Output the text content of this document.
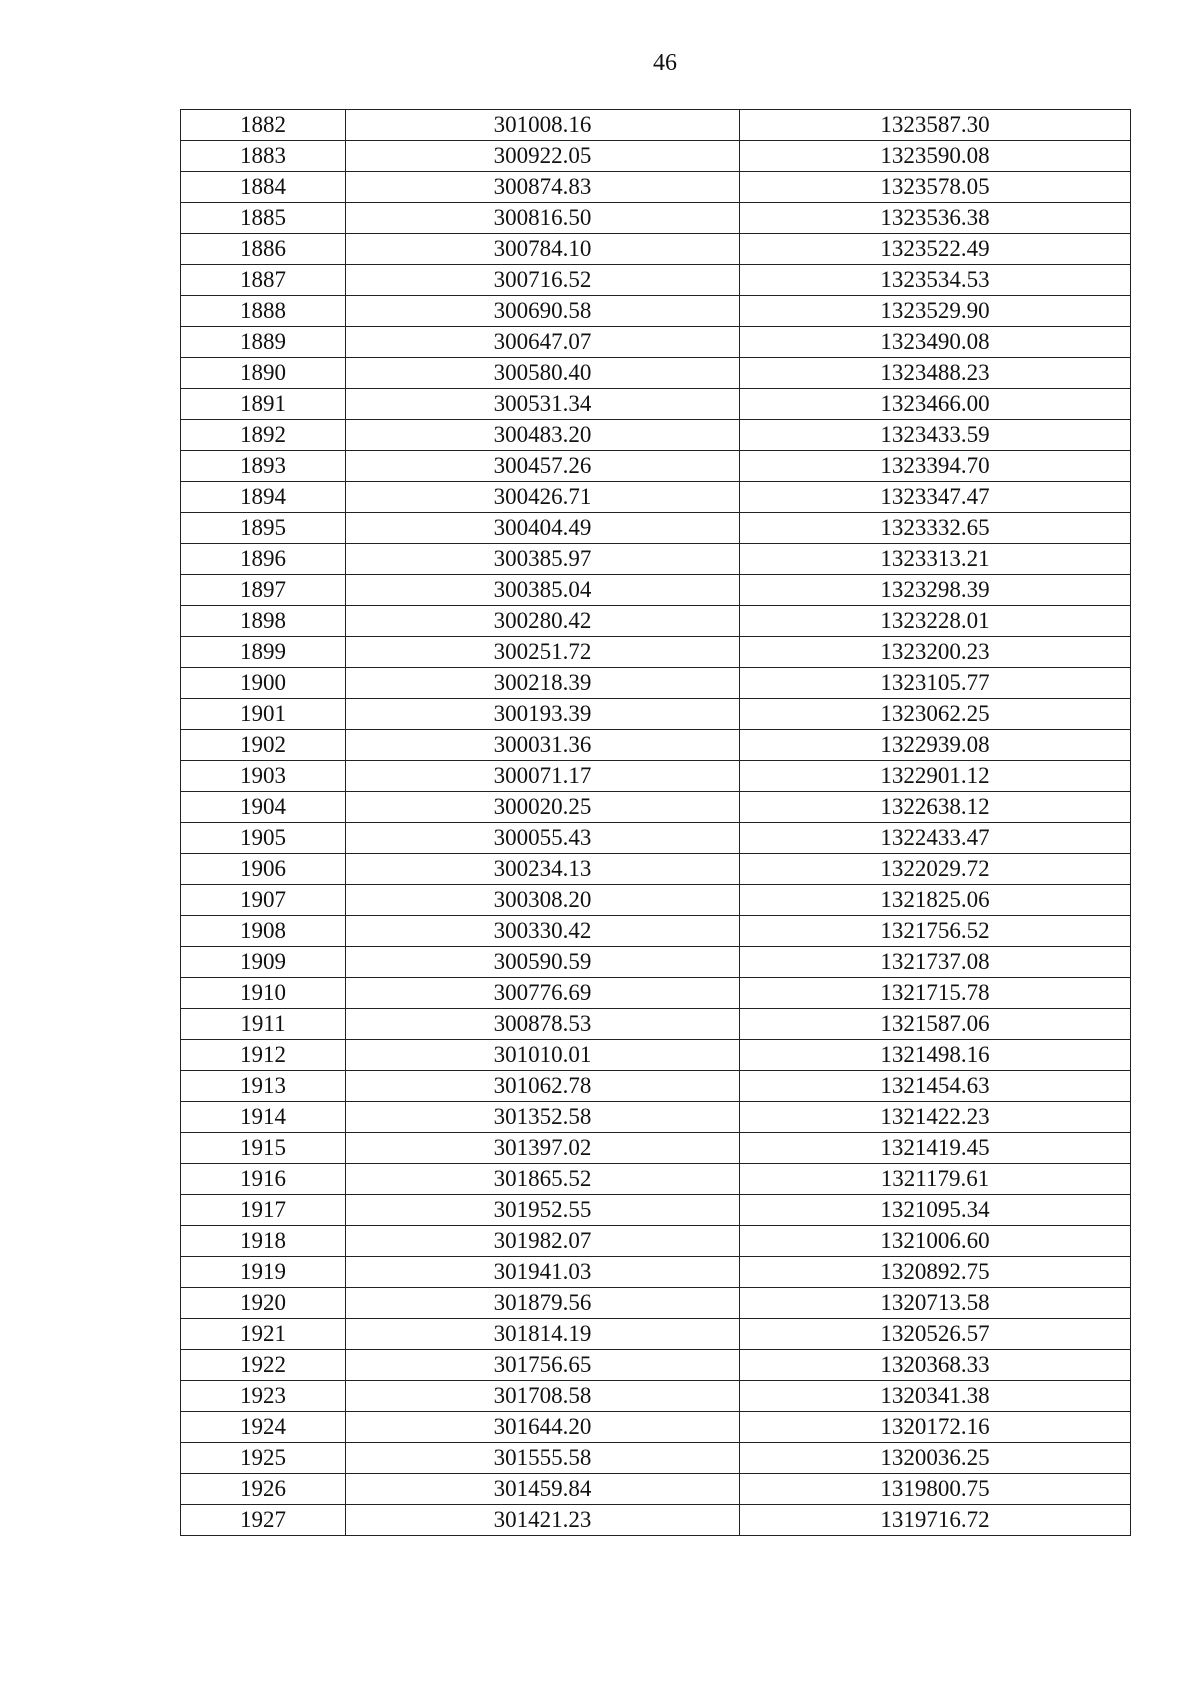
46
1882	301008.16	1323587.30
1883	300922.05	1323590.08
1884	300874.83	1323578.05
1885	300816.50	1323536.38
1886	300784.10	1323522.49
1887	300716.52	1323534.53
1888	300690.58	1323529.90
1889	300647.07	1323490.08
1890	300580.40	1323488.23
1891	300531.34	1323466.00
1892	300483.20	1323433.59
1893	300457.26	1323394.70
1894	300426.71	1323347.47
1895	300404.49	1323332.65
1896	300385.97	1323313.21
1897	300385.04	1323298.39
1898	300280.42	1323228.01
1899	300251.72	1323200.23
1900	300218.39	1323105.77
1901	300193.39	1323062.25
1902	300031.36	1322939.08
1903	300071.17	1322901.12
1904	300020.25	1322638.12
1905	300055.43	1322433.47
1906	300234.13	1322029.72
1907	300308.20	1321825.06
1908	300330.42	1321756.52
1909	300590.59	1321737.08
1910	300776.69	1321715.78
1911	300878.53	1321587.06
1912	301010.01	1321498.16
1913	301062.78	1321454.63
1914	301352.58	1321422.23
1915	301397.02	1321419.45
1916	301865.52	1321179.61
1917	301952.55	1321095.34
1918	301982.07	1321006.60
1919	301941.03	1320892.75
1920	301879.56	1320713.58
1921	301814.19	1320526.57
1922	301756.65	1320368.33
1923	301708.58	1320341.38
1924	301644.20	1320172.16
1925	301555.58	1320036.25
1926	301459.84	1319800.75
1927	301421.23	1319716.72
